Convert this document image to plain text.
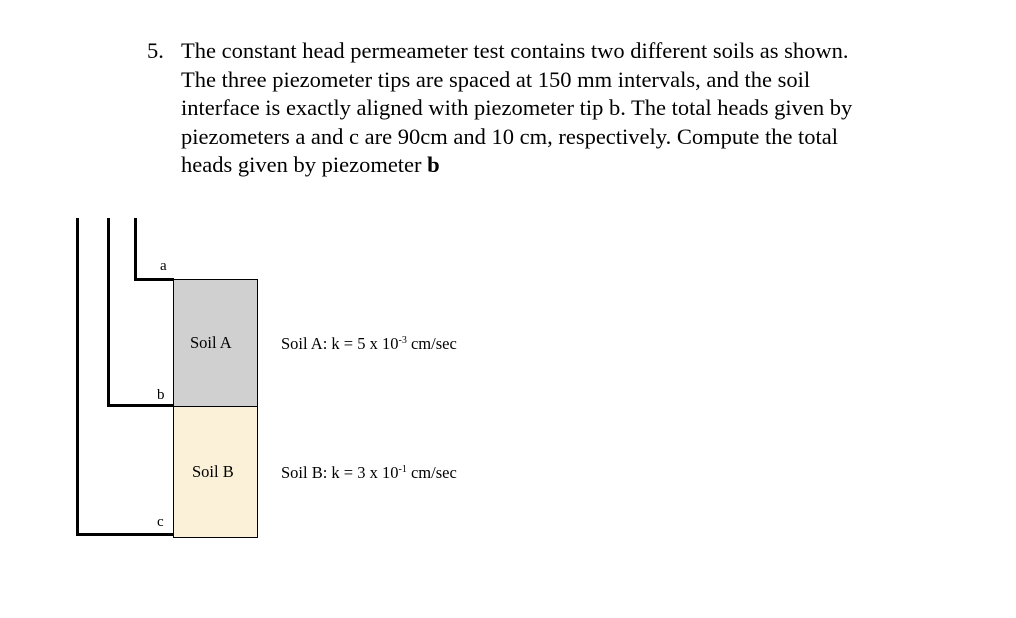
5. The constant head permeameter test contains two different soils as shown.
The three piezometer tips are spaced at 150 mm intervals, and the soil
interface is exactly aligned with piezometer tip b. The total heads given by
piezometers a and c are 90cm and 10 cm, respectively. Compute the total
heads given by piezometer b
a
b
c
Soil A
Soil B
Soil A: k = 5 x $10^{-3}$ cm/sec
Soil B: k = 3 x $10^{-1}$ cm/sec
